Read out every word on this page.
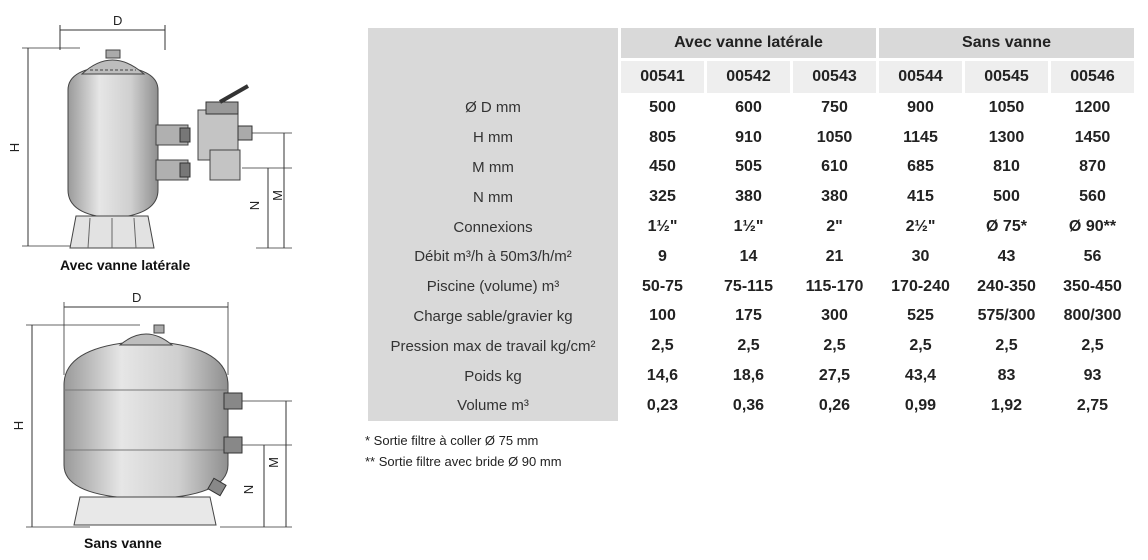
D
H
N
M
Avec vanne latérale
D
H
N
M
Sans vanne
	Avec vanne latérale			Sans vanne		
	00541	00542	00543	00544	00545	00546
Ø D mm	500	600	750	900	1050	1200
H mm	805	910	1050	1145	1300	1450
M mm	450	505	610	685	810	870
N mm	325	380	380	415	500	560
Connexions	1½"	1½"	2"	2½"	Ø 75*	Ø 90**
Débit m³/h à 50m3/h/m²	9	14	21	30	43	56
Piscine (volume) m³	50-75	75-115	115-170	170-240	240-350	350-450
Charge sable/gravier kg	100	175	300	525	575/300	800/300
Pression max de travail kg/cm²	2,5	2,5	2,5	2,5	2,5	2,5
Poids kg	14,6	18,6	27,5	43,4	83	93
Volume m³	0,23	0,36	0,26	0,99	1,92	2,75
* Sortie filtre à coller Ø 75 mm
** Sortie filtre avec bride Ø 90 mm
